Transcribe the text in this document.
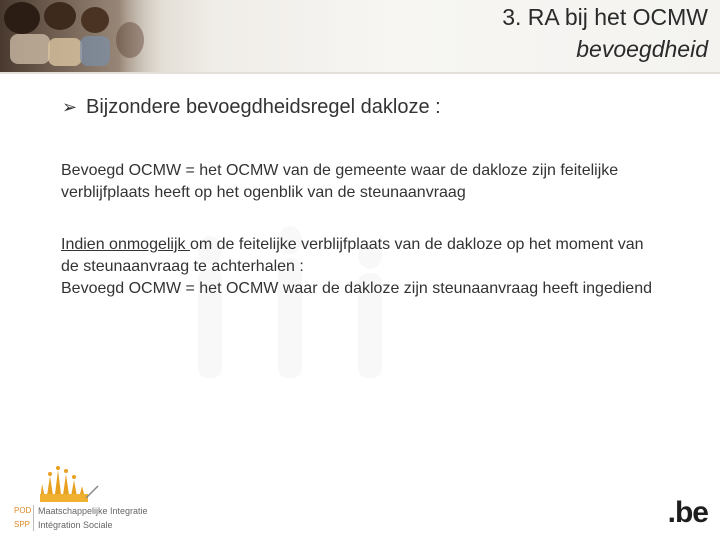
3. RA bij het OCMW
bevoegdheid
➢ Bijzondere bevoegdheidsregel dakloze :
Bevoegd OCMW = het OCMW van de gemeente waar de dakloze zijn feitelijke verblijfplaats heeft op het ogenblik van de steunaanvraag
Indien onmogelijk om de feitelijke verblijfplaats van de dakloze op het moment van de steunaanvraag te achterhalen :
Bevoegd OCMW = het OCMW waar de dakloze zijn steunaanvraag heeft ingediend
POD
SPP
Maatschappelijke Integratie
Intégration Sociale	.be
